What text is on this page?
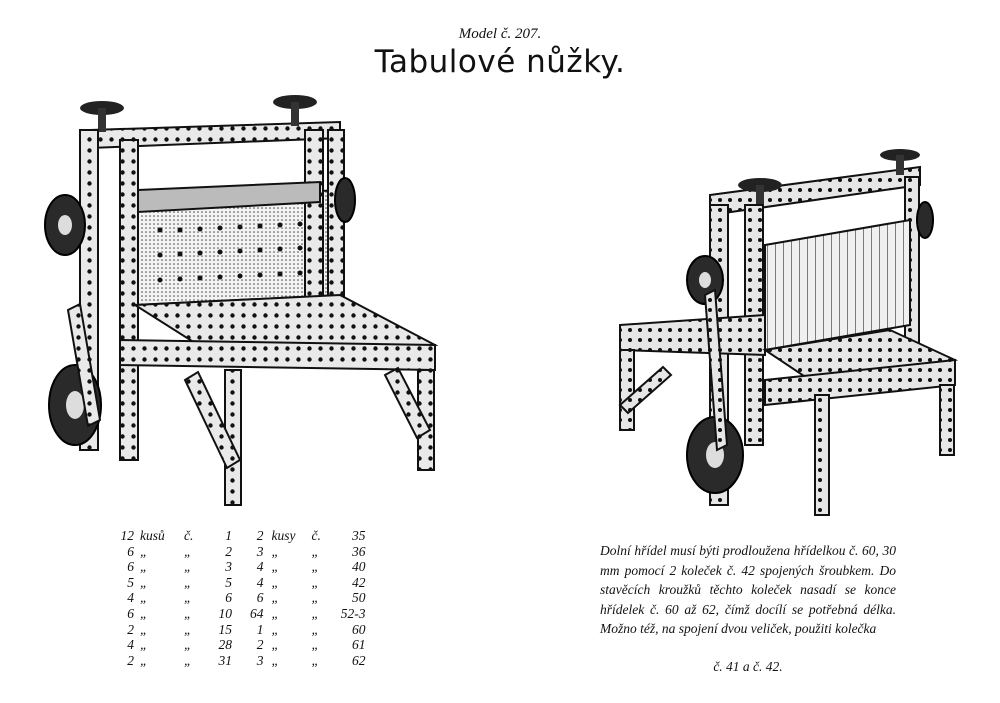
Model č. 207.
Tabulové nůžky.
12	kusů	č.	1	2	kusy	č.	35
6	„	„	2	3	„	„	36
6	„	„	3	4	„	„	40
5	„	„	5	4	„	„	42
4	„	„	6	6	„	„	50
6	„	„	10	64	„	„	52-3
2	„	„	15	1	„	„	60
4	„	„	28	2	„	„	61
2	„	„	31	3	„	„	62
Dolní hřídel musí býti prodloužena hřídelkou č. 60, 30 mm pomocí 2 koleček č. 42 spojených šroubkem. Do stavěcích kroužků těchto koleček nasadí se konce hřídelek č. 60 až 62, čímž docílí se potřebná délka. Možno též, na spojení dvou veliček, použiti kolečka
č. 41 a č. 42.
